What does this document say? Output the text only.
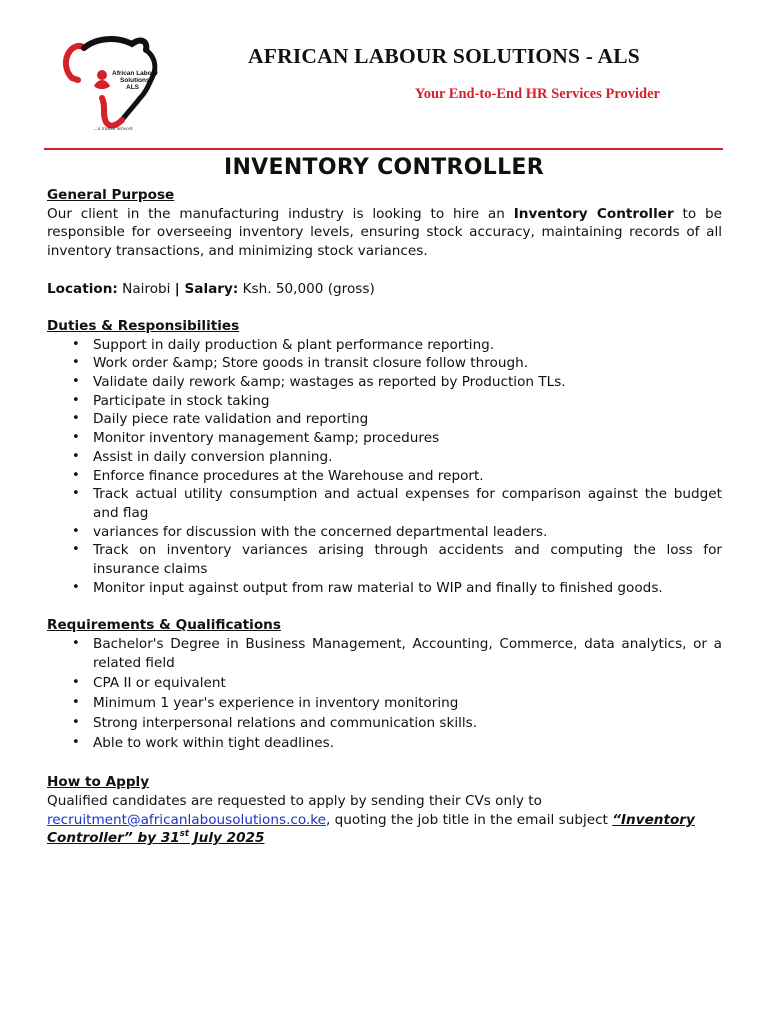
African Labour
Solutions
ALS
...a trusted network
AFRICAN LABOUR SOLUTIONS - ALS
Your End-to-End HR Services Provider
INVENTORY CONTROLLER

General Purpose

Our client in the manufacturing industry is looking to hire an Inventory Controller to be responsible for overseeing inventory levels, ensuring stock accuracy, maintaining records of all inventory transactions, and minimizing stock variances.

Location: Nairobi | Salary: Ksh. 50,000 (gross)

Duties & Responsibilities

• Support in daily production & plant performance reporting.
• Work order &amp; Store goods in transit closure follow through.
• Validate daily rework &amp; wastages as reported by Production TLs.
• Participate in stock taking
• Daily piece rate validation and reporting
• Monitor inventory management &amp; procedures
• Assist in daily conversion planning.
• Enforce finance procedures at the Warehouse and report.
• Track actual utility consumption and actual expenses for comparison against the budget and flag
• variances for discussion with the concerned departmental leaders.
• Track on inventory variances arising through accidents and computing the loss for insurance claims
• Monitor input against output from raw material to WIP and finally to finished goods.

Requirements & Qualifications

• Bachelor's Degree in Business Management, Accounting, Commerce, data analytics, or a related field
• CPA II or equivalent
• Minimum 1 year's experience in inventory monitoring
• Strong interpersonal relations and communication skills.
• Able to work within tight deadlines.

How to Apply

Qualified candidates are requested to apply by sending their CVs only to

recruitment@africanlabousolutions.co.ke, quoting the job title in the email subject “Inventory Controller” by 31st July 2025
